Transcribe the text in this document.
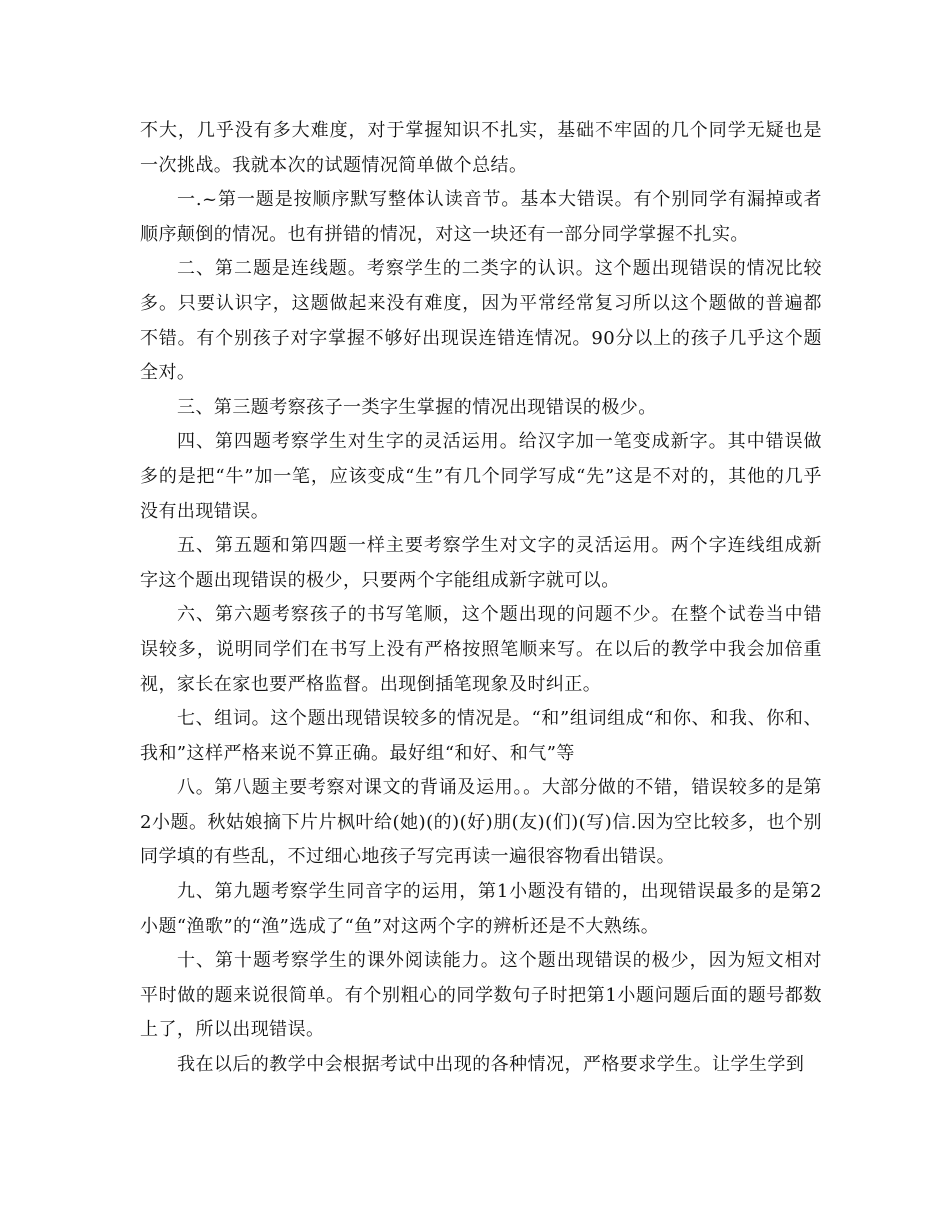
不大，几乎没有多大难度，对于掌握知识不扎实，基础不牢固的几个同学无疑也是一次挑战。我就本次的试题情况简单做个总结。

一.~第一题是按顺序默写整体认读音节。基本大错误。有个别同学有漏掉或者顺序颠倒的情况。也有拼错的情况，对这一块还有一部分同学掌握不扎实。

二、第二题是连线题。考察学生的二类字的认识。这个题出现错误的情况比较多。只要认识字，这题做起来没有难度，因为平常经常复习所以这个题做的普遍都不错。有个别孩子对字掌握不够好出现误连错连情况。90分以上的孩子几乎这个题全对。

三、第三题考察孩子一类字生掌握的情况出现错误的极少。

四、第四题考察学生对生字的灵活运用。给汉字加一笔变成新字。其中错误做多的是把“牛”加一笔，应该变成“生”有几个同学写成“先”这是不对的，其他的几乎没有出现错误。

五、第五题和第四题一样主要考察学生对文字的灵活运用。两个字连线组成新字这个题出现错误的极少，只要两个字能组成新字就可以。

六、第六题考察孩子的书写笔顺，这个题出现的问题不少。在整个试卷当中错误较多，说明同学们在书写上没有严格按照笔顺来写。在以后的教学中我会加倍重视，家长在家也要严格监督。出现倒插笔现象及时纠正。

七、组词。这个题出现错误较多的情况是。“和”组词组成“和你、和我、你和、我和”这样严格来说不算正确。最好组“和好、和气”等

八。第八题主要考察对课文的背诵及运用。。大部分做的不错，错误较多的是第2小题。秋姑娘摘下片片枫叶给(她)(的)(好)朋(友)(们)(写)信.因为空比较多，也个别同学填的有些乱，不过细心地孩子写完再读一遍很容物看出错误。

九、第九题考察学生同音字的运用，第1小题没有错的，出现错误最多的是第2小题“渔歌”的“渔”选成了“鱼”对这两个字的辨析还是不大熟练。

十、第十题考察学生的课外阅读能力。这个题出现错误的极少，因为短文相对平时做的题来说很简单。有个别粗心的同学数句子时把第1小题问题后面的题号都数上了，所以出现错误。

我在以后的教学中会根据考试中出现的各种情况，严格要求学生。让学生学到
